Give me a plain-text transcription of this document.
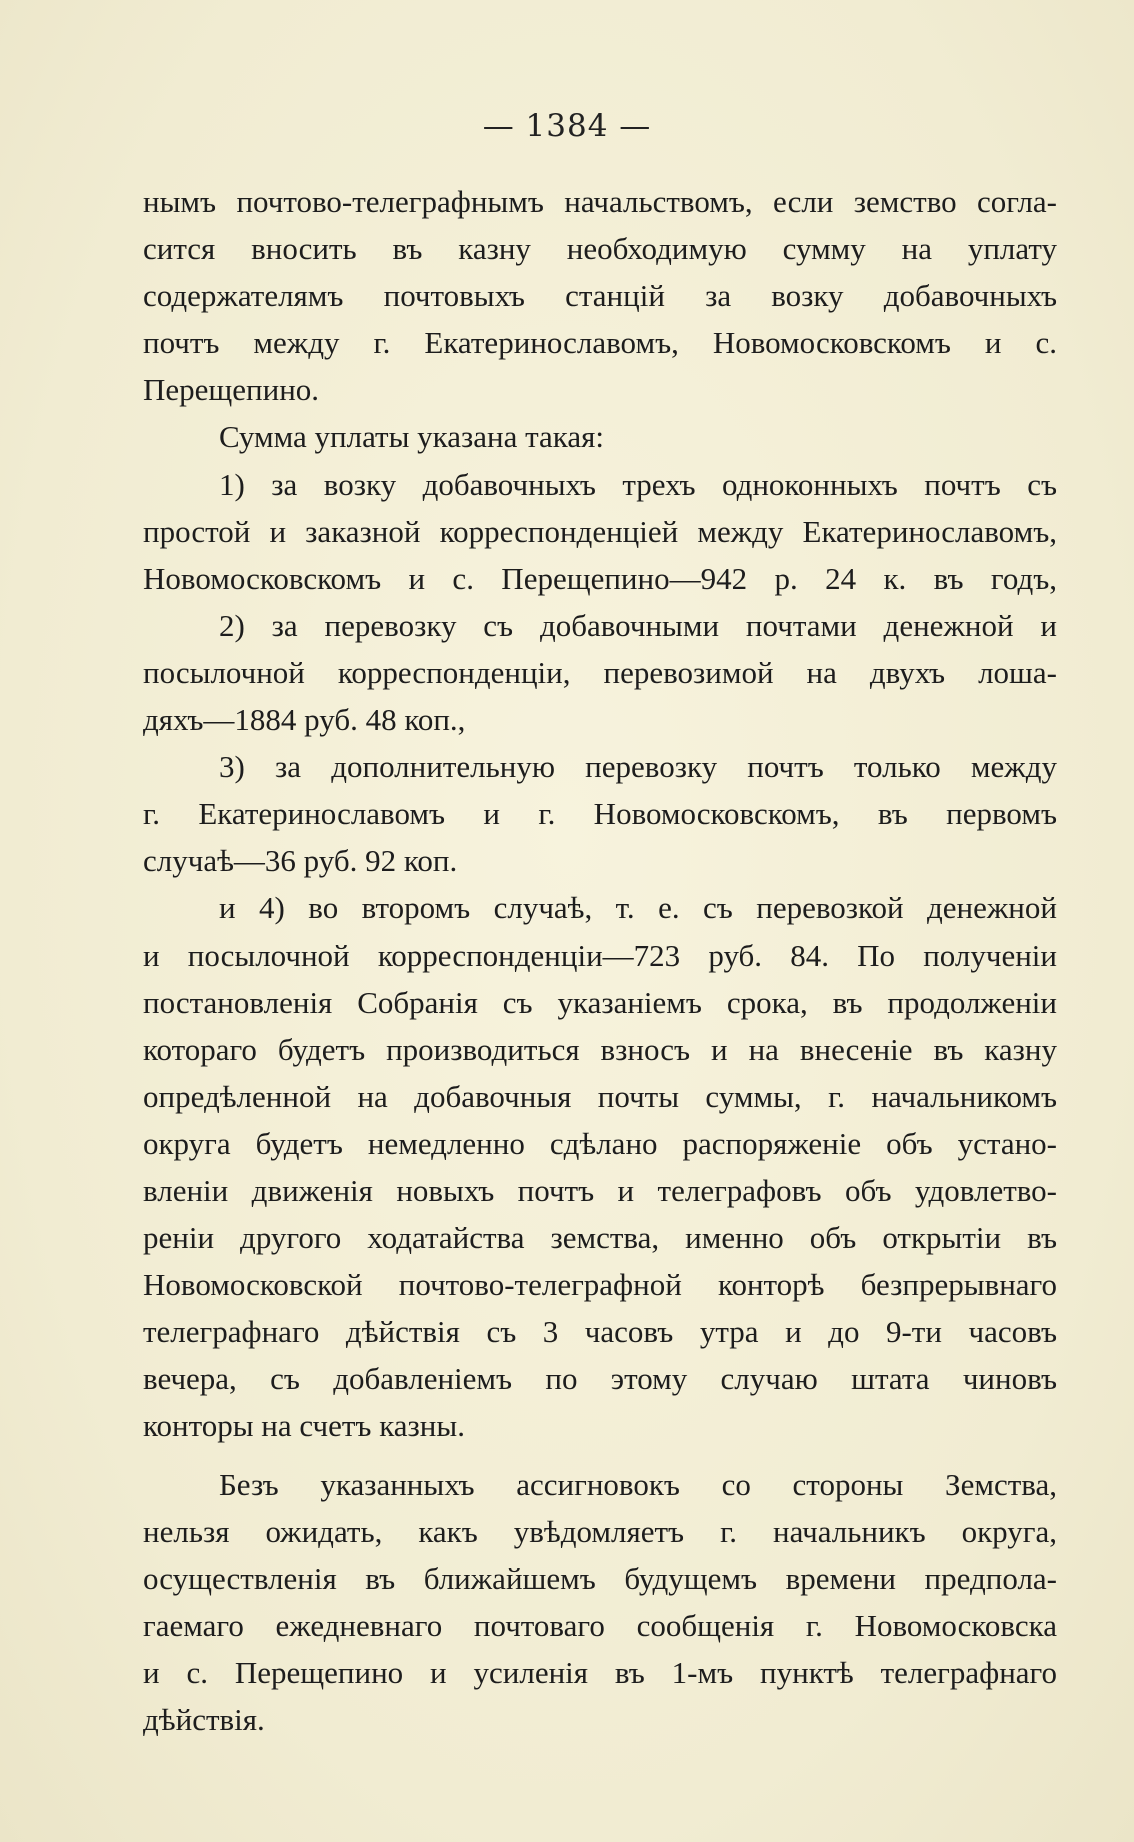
— 1384 —
нымъ почтово-телеграфнымъ начальствомъ, если земство согла-
сится вносить въ казну необходимую сумму на уплату
содержателямъ почтовыхъ станцій за возку добавочныхъ
почтъ между г. Екатеринославомъ, Новомосковскомъ и с.
Перещепино.
Сумма уплаты указана такая:
1) за возку добавочныхъ трехъ одноконныхъ почтъ съ
простой и заказной корреспонденціей между Екатеринославомъ,
Новомосковскомъ и с. Перещепино—942 р. 24 к. въ годъ,
2) за перевозку съ добавочными почтами денежной и
посылочной корреспонденціи, перевозимой на двухъ лоша-
дяхъ—1884 руб. 48 коп.,
3) за дополнительную перевозку почтъ только между
г. Екатеринославомъ и г. Новомосковскомъ, въ первомъ
случаѣ—36 руб. 92 коп.
и 4) во второмъ случаѣ, т. е. съ перевозкой денежной
и посылочной корреспонденціи—723 руб. 84. По полученіи
постановленія Собранія съ указаніемъ срока, въ продолженіи
котораго будетъ производиться взносъ и на внесеніе въ казну
опредѣленной на добавочныя почты суммы, г. начальникомъ
округа будетъ немедленно сдѣлано распоряженіе объ устано-
вленіи движенія новыхъ почтъ и телеграфовъ объ удовлетво-
реніи другого ходатайства земства, именно объ открытіи въ
Новомосковской почтово-телеграфной конторѣ безпрерывнаго
телеграфнаго дѣйствія съ 3 часовъ утра и до 9-ти часовъ
вечера, съ добавленіемъ по этому случаю штата чиновъ
конторы на счетъ казны.
Безъ указанныхъ ассигновокъ со стороны Земства,
нельзя ожидать, какъ увѣдомляетъ г. начальникъ округа,
осуществленія въ ближайшемъ будущемъ времени предпола-
гаемаго ежедневнаго почтоваго сообщенія г. Новомосковска
и с. Перещепино и усиленія въ 1-мъ пунктѣ телеграфнаго
дѣйствія.
